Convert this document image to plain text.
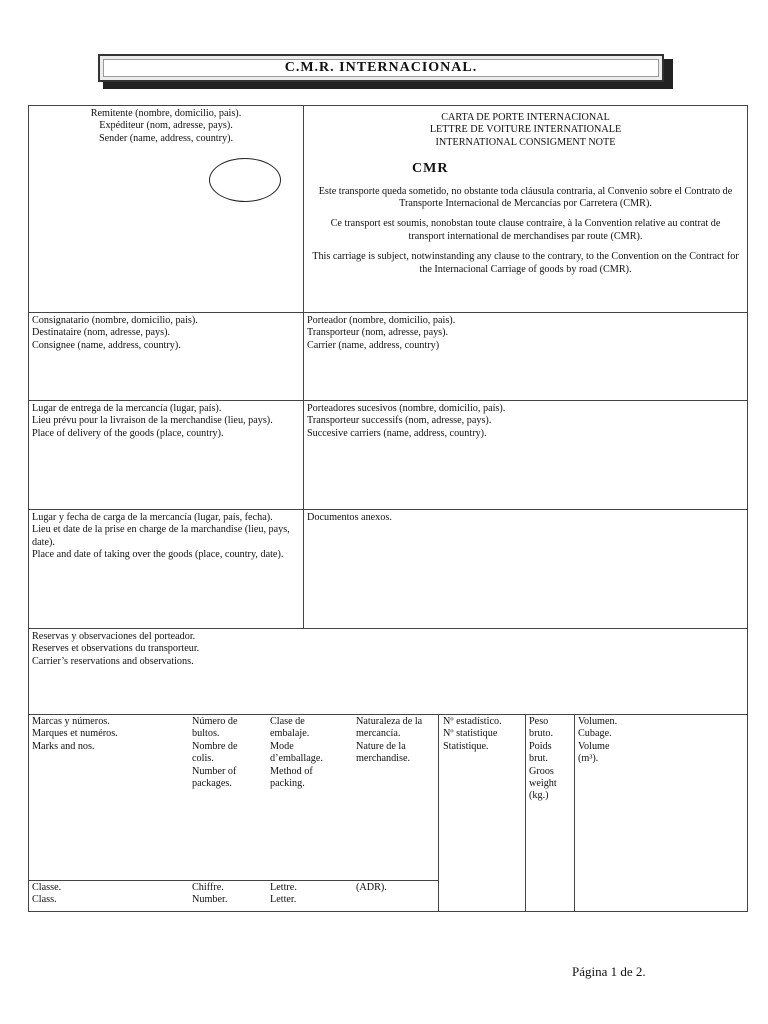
C.M.R. INTERNACIONAL.
Remitente (nombre, domicilio, pais).
Expéditeur (nom, adresse, pays).
Sender (name, address, country).
CARTA DE PORTE INTERNACIONAL
LETTRE DE VOITURE INTERNATIONALE
INTERNATIONAL CONSIGMENT NOTE
CMR
Este transporte queda sometido, no obstante toda cláusula contraria, al Convenio sobre el Contrato de Transporte Internacional de Mercancías por Carretera (CMR).
Ce transport est soumis, nonobstan toute clause contraire, à la Convention relative au contrat de transport international de merchandises par route (CMR).
This carriage is subject, notwinstanding any clause to the contrary, to the Convention on the Contract for the Internacional Carriage of goods by road (CMR).
Consignatario (nombre, domicilio, pais).
Destinataire (nom, adresse, pays).
Consignee (name, address, country).
Porteador (nombre, domicilio, pais).
Transporteur (nom, adresse, pays).
Carrier (name, address, country)
Lugar de entrega de la mercancía (lugar, país).
Lieu prévu pour la livraison de la merchandise (lieu, pays).
Place of delivery of the goods (place, country).
Porteadores sucesivos (nombre, domicilio, país).
Transporteur successifs (nom, adresse, pays).
Succesive carriers (name, address, country).
Lugar y fecha de carga de la mercancía (lugar, país, fecha).
Lieu et date de la prise en charge de la marchandise (lieu, pays, date).
Place and date of taking over the goods (place, country, date).
Documentos anexos.
Reservas y observaciones del porteador.
Reserves et observations du transporteur.
Carrier’s reservations and observations.
Marcas y números.
Marques et numéros.
Marks and nos.
Número de
bultos.
Nombre de
colis.
Number of
packages.
Clase de
embalaje.
Mode
d’emballage.
Method of
packing.
Naturaleza de la
mercancía.
Nature de la
merchandise.
Nº estadístico.
Nº statistique
Statistique.
Peso
bruto.
Poids
brut.
Groos
weight
(kg.)
Volumen.
Cubage.
Volume
(m³).
Classe.
Class.
Chiffre.
Number.
Lettre.
Letter.
(ADR).
Página 1 de 2.
